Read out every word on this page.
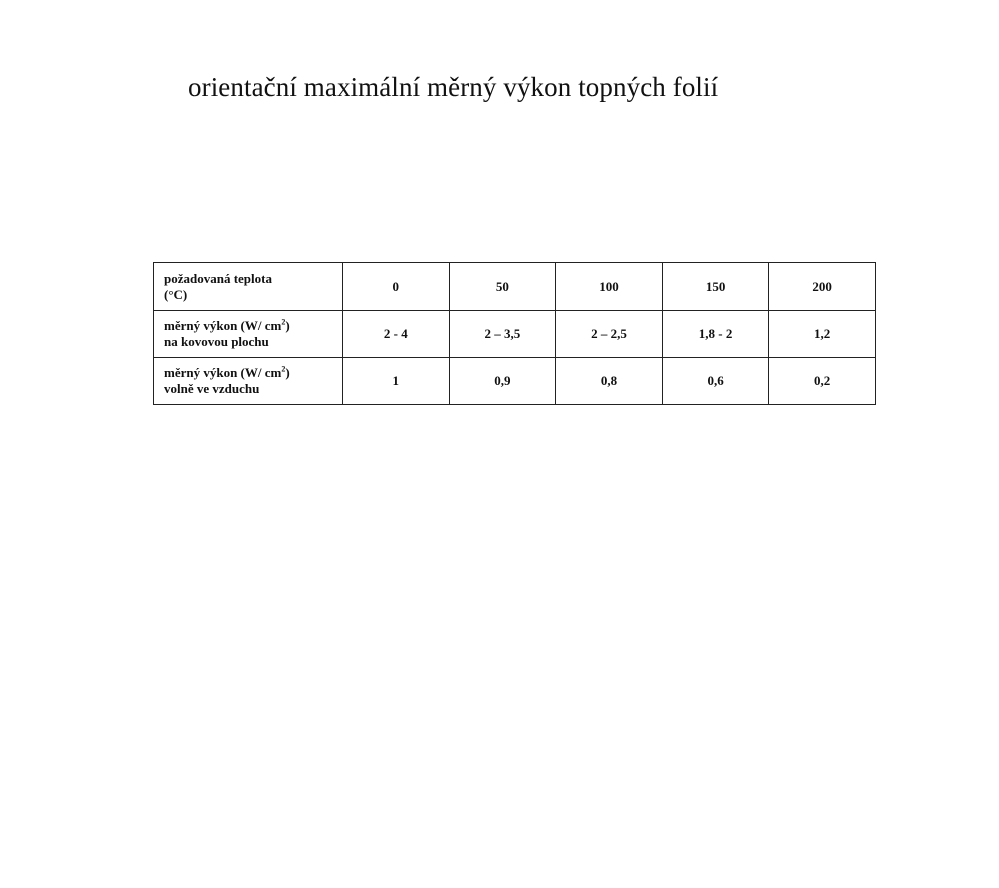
orientační maximální měrný výkon topných folií
požadovaná teplota
(°C)	0	50	100	150	200

měrný výkon (W/ $cm^2$)
na kovovou plochu	2 - 4	2 – 3,5	2 – 2,5	1,8 - 2	1,2

měrný výkon (W/ $cm^2$)
volně ve vzduchu	1	0,9	0,8	0,6	0,2
